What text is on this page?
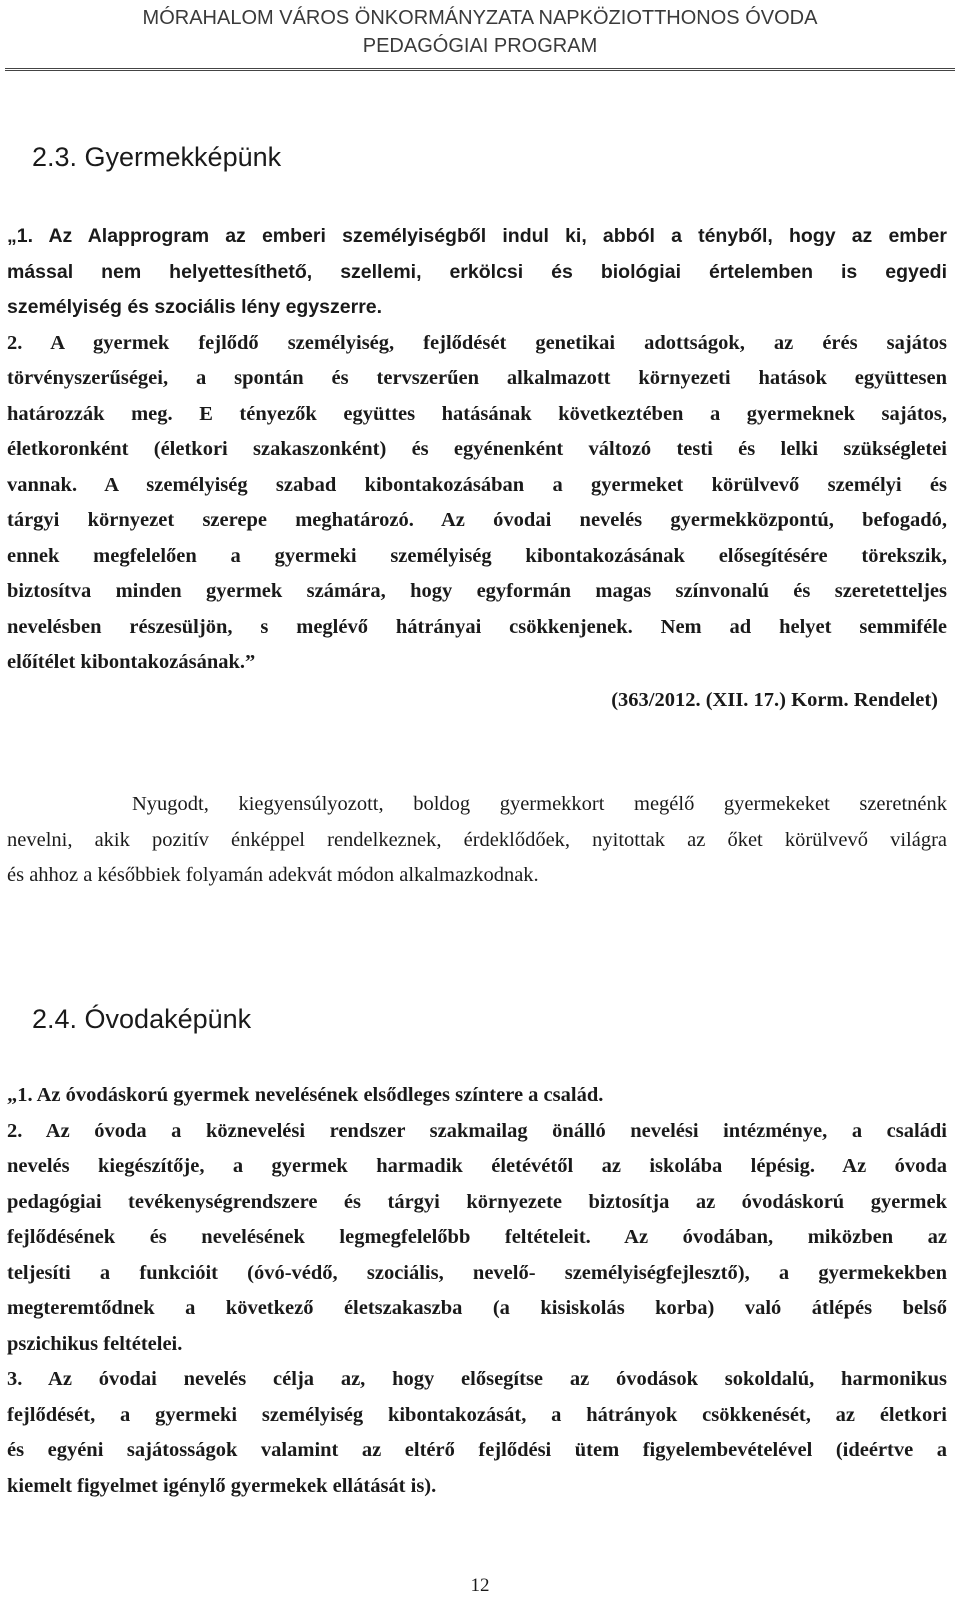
MÓRAHALOM VÁROS ÖNKORMÁNYZATA NAPKÖZIOTTHONOS ÓVODA
PEDAGÓGIAI PROGRAM
2.3. Gyermekképünk
„1. Az Alapprogram az emberi személyiségből indul ki, abból a tényből, hogy az ember
mással nem helyettesíthető, szellemi, erkölcsi és biológiai értelemben is egyedi
személyiség és szociális lény egyszerre.
2. A gyermek fejlődő személyiség, fejlődését genetikai adottságok, az érés sajátos
törvényszerűségei, a spontán és tervszerűen alkalmazott környezeti hatások együttesen
határozzák meg. E tényezők együttes hatásának következtében a gyermeknek sajátos,
életkoronként (életkori szakaszonként) és egyénenként változó testi és lelki szükségletei
vannak. A személyiség szabad kibontakozásában a gyermeket körülvevő személyi és
tárgyi környezet szerepe meghatározó. Az óvodai nevelés gyermekközpontú, befogadó,
ennek megfelelően a gyermeki személyiség kibontakozásának elősegítésére törekszik,
biztosítva minden gyermek számára, hogy egyformán magas színvonalú és szeretetteljes
nevelésben részesüljön, s meglévő hátrányai csökkenjenek. Nem ad helyet semmiféle
előítélet kibontakozásának.”
(363/2012. (XII. 17.) Korm. Rendelet)
Nyugodt, kiegyensúlyozott, boldog gyermekkort megélő gyermekeket szeretnénk
nevelni, akik pozitív énképpel rendelkeznek, érdeklődőek, nyitottak az őket körülvevő világra
és ahhoz a későbbiek folyamán adekvát módon alkalmazkodnak.
2.4. Óvodaképünk
„1. Az óvodáskorú gyermek nevelésének elsődleges színtere a család.
2. Az óvoda a köznevelési rendszer szakmailag önálló nevelési intézménye, a családi
nevelés kiegészítője, a gyermek harmadik életévétől az iskolába lépésig. Az óvoda
pedagógiai tevékenységrendszere és tárgyi környezete biztosítja az óvodáskorú gyermek
fejlődésének és nevelésének legmegfelelőbb feltételeit. Az óvodában, miközben az
teljesíti a funkcióit (óvó-védő, szociális, nevelő- személyiségfejlesztő), a gyermekekben
megteremtődnek a következő életszakaszba (a kisiskolás korba) való átlépés belső
pszichikus feltételei.
3. Az óvodai nevelés célja az, hogy elősegítse az óvodások sokoldalú, harmonikus
fejlődését, a gyermeki személyiség kibontakozását, a hátrányok csökkenését, az életkori
és egyéni sajátosságok valamint az eltérő fejlődési ütem figyelembevételével (ideértve a
kiemelt figyelmet igénylő gyermekek ellátását is).
12
